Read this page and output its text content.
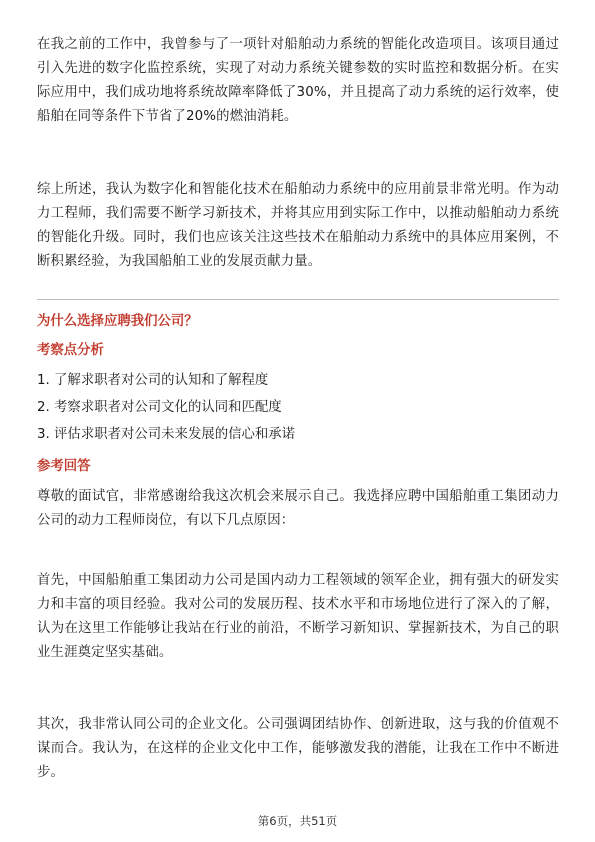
在我之前的工作中，我曾参与了一项针对船舶动力系统的智能化改造项目。该项目通过引入先进的数字化监控系统，实现了对动力系统关键参数的实时监控和数据分析。在实际应用中，我们成功地将系统故障率降低了30%，并且提高了动力系统的运行效率，使船舶在同等条件下节省了20%的燃油消耗。

综上所述，我认为数字化和智能化技术在船舶动力系统中的应用前景非常光明。作为动力工程师，我们需要不断学习新技术，并将其应用到实际工作中，以推动船舶动力系统的智能化升级。同时，我们也应该关注这些技术在船舶动力系统中的具体应用案例，不断积累经验，为我国船舶工业的发展贡献力量。

为什么选择应聘我们公司？

考察点分析

1. 了解求职者对公司的认知和了解程度
2. 考察求职者对公司文化的认同和匹配度
3. 评估求职者对公司未来发展的信心和承诺

参考回答

尊敬的面试官，非常感谢给我这次机会来展示自己。我选择应聘中国船舶重工集团动力公司的动力工程师岗位，有以下几点原因：

首先，中国船舶重工集团动力公司是国内动力工程领域的领军企业，拥有强大的研发实力和丰富的项目经验。我对公司的发展历程、技术水平和市场地位进行了深入的了解，认为在这里工作能够让我站在行业的前沿，不断学习新知识、掌握新技术，为自己的职业生涯奠定坚实基础。

其次，我非常认同公司的企业文化。公司强调团结协作、创新进取，这与我的价值观不谋而合。我认为，在这样的企业文化中工作，能够激发我的潜能，让我在工作中不断进步。

第6页，共51页
